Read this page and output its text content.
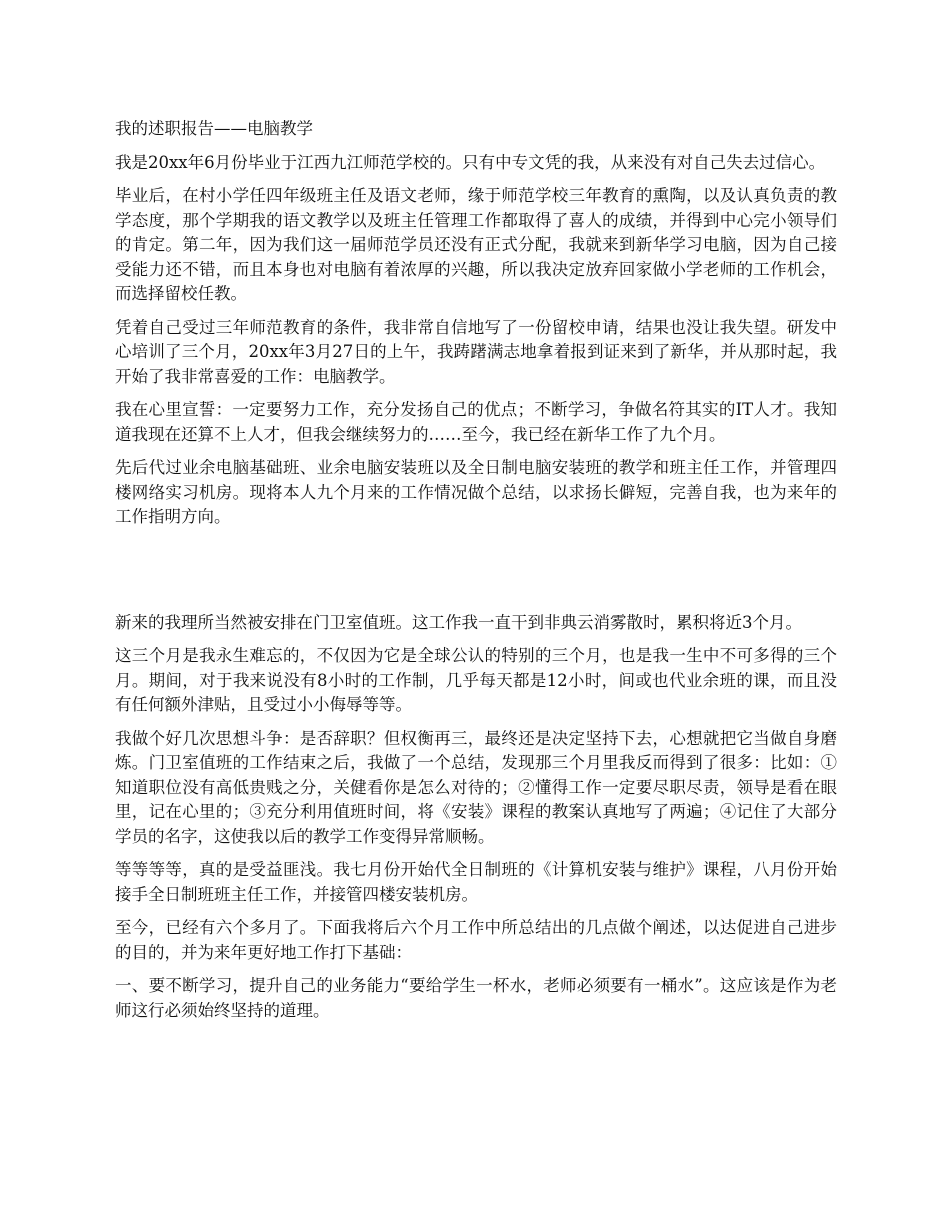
我的述职报告——电脑教学

我是20xx年6月份毕业于江西九江师范学校的。只有中专文凭的我，从来没有对自己失去过信心。

毕业后，在村小学任四年级班主任及语文老师，缘于师范学校三年教育的熏陶，以及认真负责的教学态度，那个学期我的语文教学以及班主任管理工作都取得了喜人的成绩，并得到中心完小领导们的肯定。第二年，因为我们这一届师范学员还没有正式分配，我就来到新华学习电脑，因为自己接受能力还不错，而且本身也对电脑有着浓厚的兴趣，所以我决定放弃回家做小学老师的工作机会，而选择留校任教。

凭着自己受过三年师范教育的条件，我非常自信地写了一份留校申请，结果也没让我失望。研发中心培训了三个月，20xx年3月27日的上午，我踌躇满志地拿着报到证来到了新华，并从那时起，我开始了我非常喜爱的工作：电脑教学。

我在心里宣誓：一定要努力工作，充分发扬自己的优点；不断学习，争做名符其实的IT人才。我知道我现在还算不上人才，但我会继续努力的……至今，我已经在新华工作了九个月。

先后代过业余电脑基础班、业余电脑安装班以及全日制电脑安装班的教学和班主任工作，并管理四楼网络实习机房。现将本人九个月来的工作情况做个总结，以求扬长僻短，完善自我，也为来年的工作指明方向。

新来的我理所当然被安排在门卫室值班。这工作我一直干到非典云消雾散时，累积将近3个月。

这三个月是我永生难忘的，不仅因为它是全球公认的特别的三个月，也是我一生中不可多得的三个月。期间，对于我来说没有8小时的工作制，几乎每天都是12小时，间或也代业余班的课，而且没有任何额外津贴，且受过小小侮辱等等。

我做个好几次思想斗争：是否辞职？但权衡再三，最终还是决定坚持下去，心想就把它当做自身磨炼。门卫室值班的工作结束之后，我做了一个总结，发现那三个月里我反而得到了很多：比如：①知道职位没有高低贵贱之分，关健看你是怎么对待的；②懂得工作一定要尽职尽责，领导是看在眼里，记在心里的；③充分利用值班时间，将《安装》课程的教案认真地写了两遍；④记住了大部分学员的名字，这使我以后的教学工作变得异常顺畅。

等等等等，真的是受益匪浅。我七月份开始代全日制班的《计算机安装与维护》课程，八月份开始接手全日制班班主任工作，并接管四楼安装机房。

至今，已经有六个多月了。下面我将后六个月工作中所总结出的几点做个阐述，以达促进自己进步的目的，并为来年更好地工作打下基础：

一、要不断学习，提升自己的业务能力“要给学生一杯水，老师必须要有一桶水”。这应该是作为老师这行必须始终坚持的道理。
